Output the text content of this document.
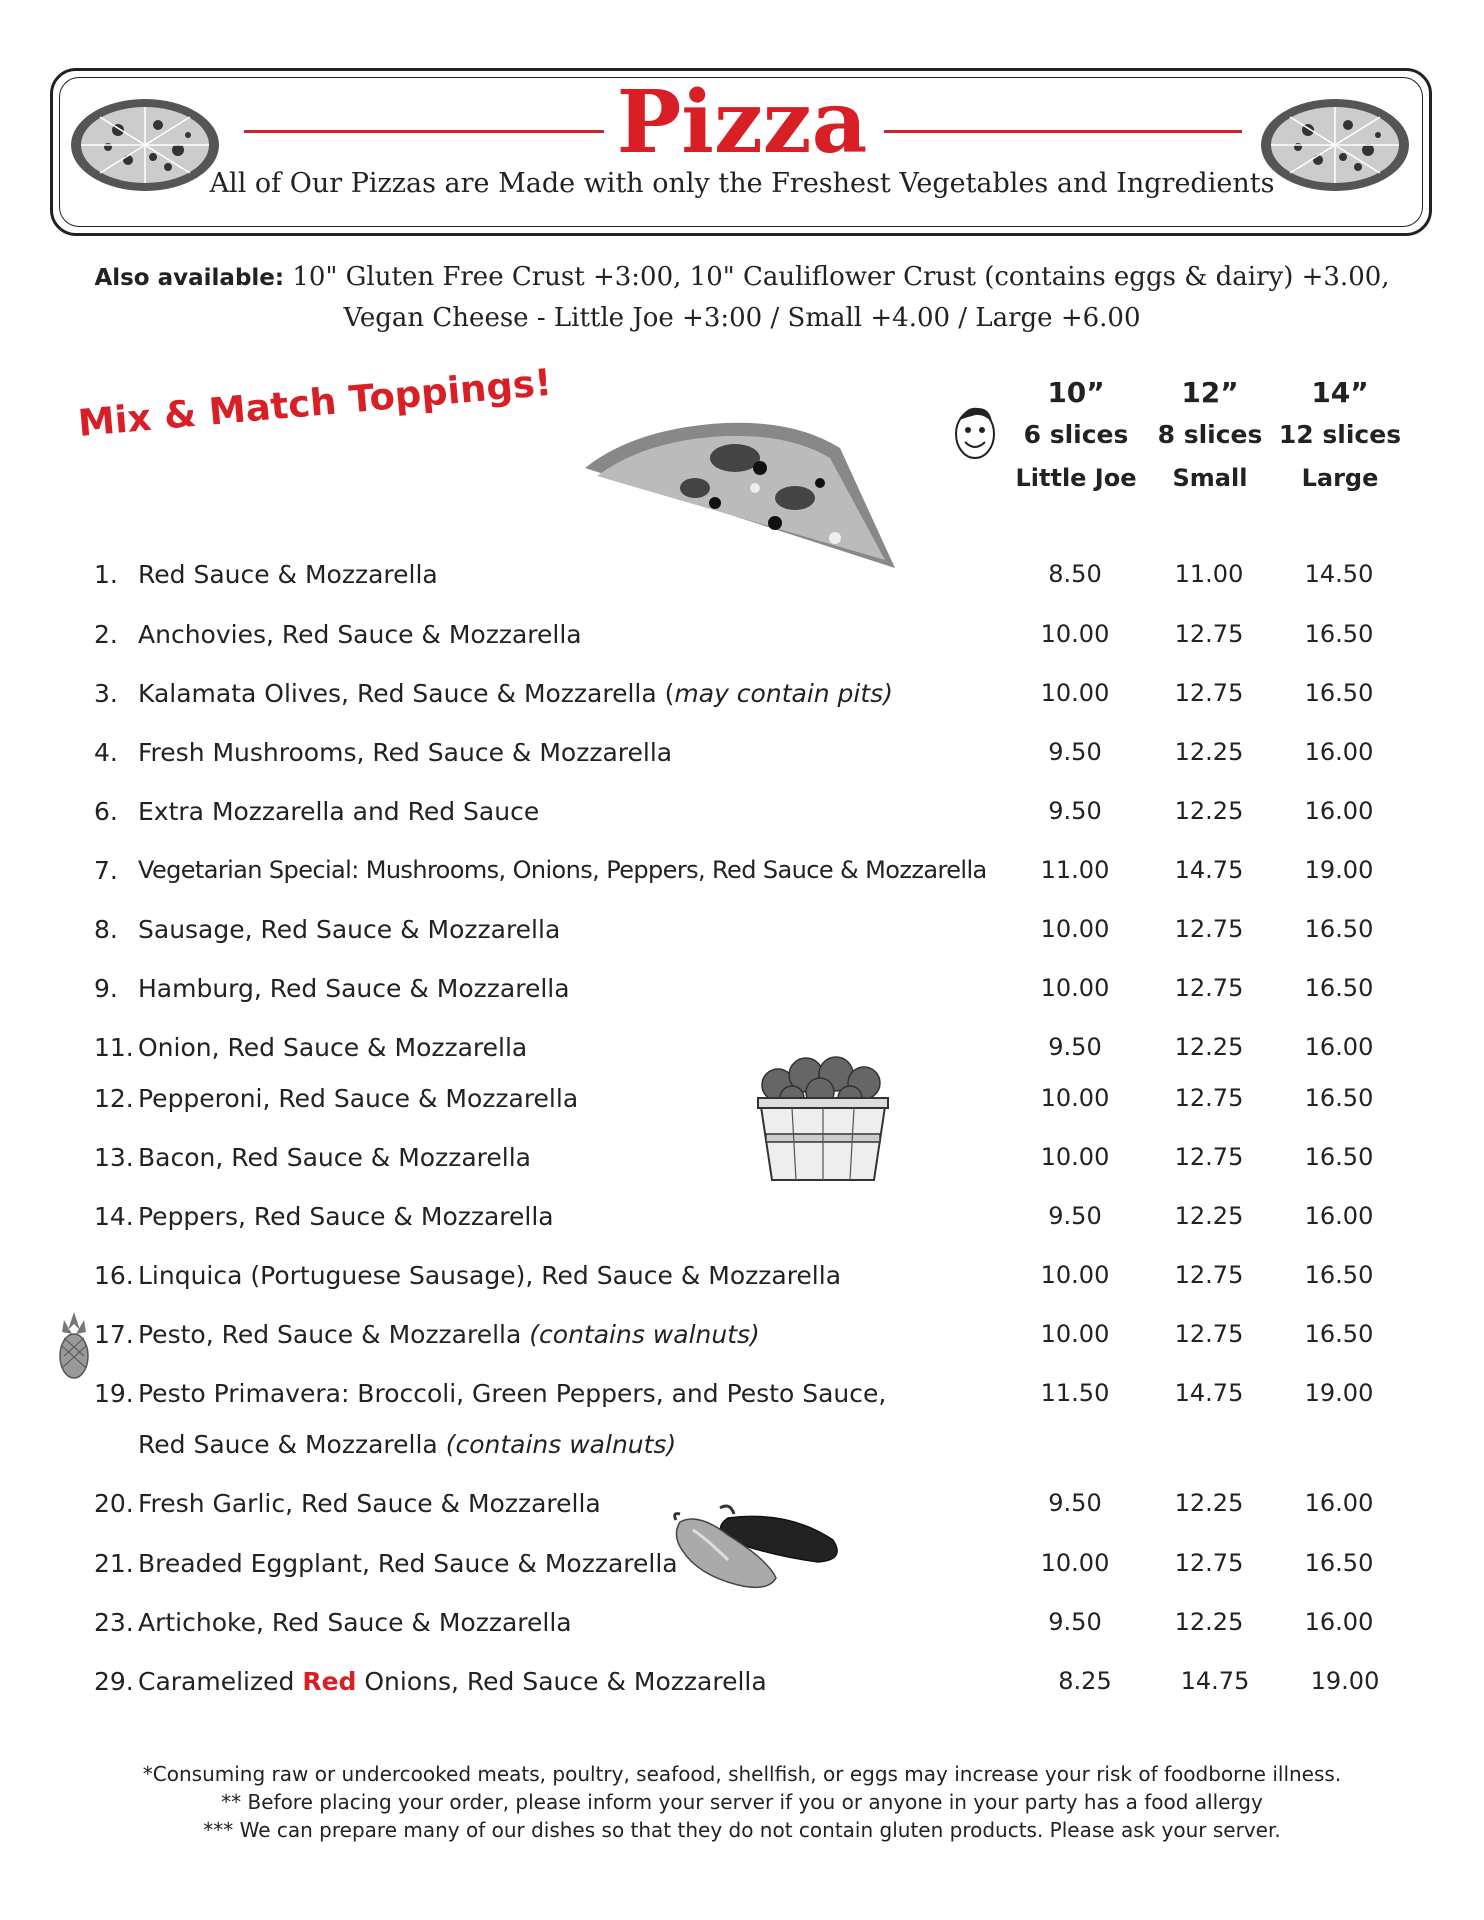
Pizza
All of Our Pizzas are Made with only the Freshest Vegetables and Ingredients
Also available: 10" Gluten Free Crust +3:00, 10" Cauliflower Crust (contains eggs & dairy) +3.00,
Vegan Cheese - Little Joe +3:00 / Small +4.00 / Large +6.00
Mix & Match Toppings!	10”
6 slices
Little Joe
12”
8 slices
Small
14”
12 slices
Large
1. Red Sauce & Mozzarella	8.50	11.00	14.50
2. Anchovies, Red Sauce & Mozzarella	10.00	12.75	16.50
3. Kalamata Olives, Red Sauce & Mozzarella (may contain pits)	10.00	12.75	16.50
4. Fresh Mushrooms, Red Sauce & Mozzarella	9.50	12.25	16.00
6. Extra Mozzarella and Red Sauce	9.50	12.25	16.00
7. Vegetarian Special: Mushrooms, Onions, Peppers, Red Sauce & Mozzarella	11.00	14.75	19.00
8. Sausage, Red Sauce & Mozzarella	10.00	12.75	16.50
9. Hamburg, Red Sauce & Mozzarella	10.00	12.75	16.50
11. Onion, Red Sauce & Mozzarella	9.50	12.25	16.00
12. Pepperoni, Red Sauce & Mozzarella	10.00	12.75	16.50
13. Bacon, Red Sauce & Mozzarella	10.00	12.75	16.50
14. Peppers, Red Sauce & Mozzarella	9.50	12.25	16.00
16. Linquica (Portuguese Sausage), Red Sauce & Mozzarella	10.00	12.75	16.50
17. Pesto, Red Sauce & Mozzarella (contains walnuts)	10.00	12.75	16.50
19. Pesto Primavera: Broccoli, Green Peppers, and Pesto Sauce,	11.50	14.75	19.00
Red Sauce & Mozzarella (contains walnuts)
20. Fresh Garlic, Red Sauce & Mozzarella	9.50	12.25	16.00
21. Breaded Eggplant, Red Sauce & Mozzarella	10.00	12.75	16.50
23. Artichoke, Red Sauce & Mozzarella	9.50	12.25	16.00
29. Caramelized Red Onions, Red Sauce & Mozzarella	8.25	14.75	19.00
*Consuming raw or undercooked meats, poultry, seafood, shellfish, or eggs may increase your risk of foodborne illness.
** Before placing your order, please inform your server if you or anyone in your party has a food allergy
*** We can prepare many of our dishes so that they do not contain gluten products. Please ask your server.
